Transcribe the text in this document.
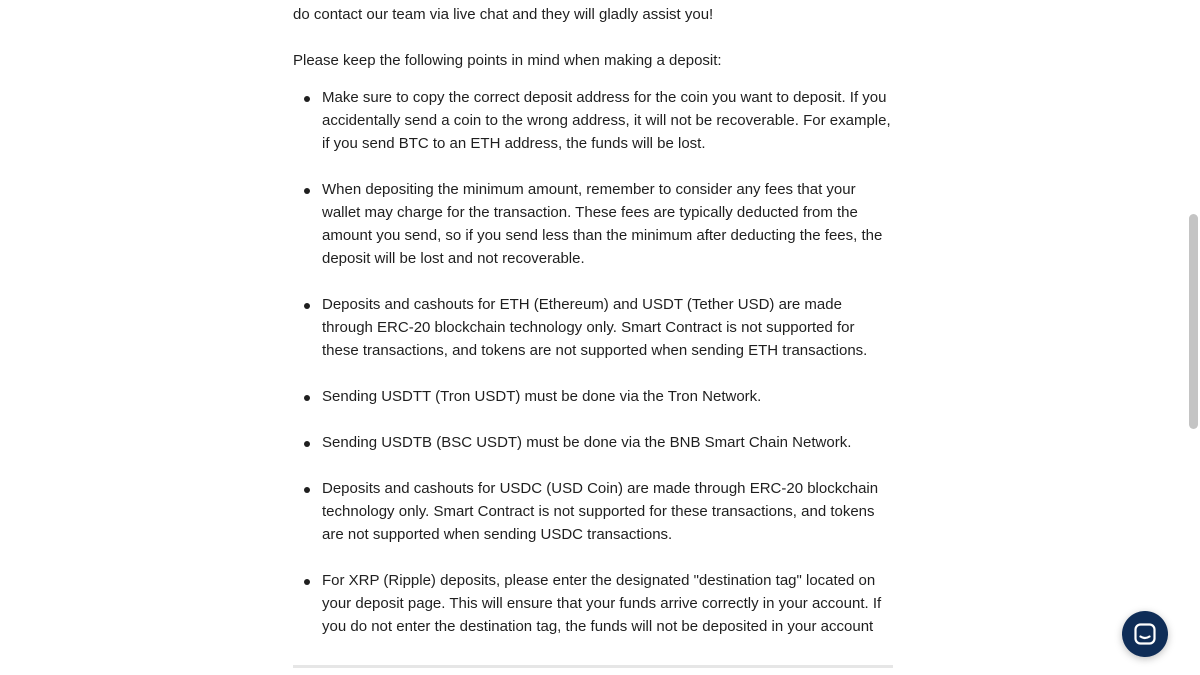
do contact our team via live chat and they will gladly assist you!
Please keep the following points in mind when making a deposit:
Make sure to copy the correct deposit address for the coin you want to deposit. If you accidentally send a coin to the wrong address, it will not be recoverable. For example, if you send BTC to an ETH address, the funds will be lost.
When depositing the minimum amount, remember to consider any fees that your wallet may charge for the transaction. These fees are typically deducted from the amount you send, so if you send less than the minimum after deducting the fees, the deposit will be lost and not recoverable.
Deposits and cashouts for ETH (Ethereum) and USDT (Tether USD) are made through ERC-20 blockchain technology only. Smart Contract is not supported for these transactions, and tokens are not supported when sending ETH transactions.
Sending USDTT (Tron USDT) must be done via the Tron Network.
Sending USDTB (BSC USDT) must be done via the BNB Smart Chain Network.
Deposits and cashouts for USDC (USD Coin) are made through ERC-20 blockchain technology only. Smart Contract is not supported for these transactions, and tokens are not supported when sending USDC transactions.
For XRP (Ripple) deposits, please enter the designated "destination tag" located on your deposit page. This will ensure that your funds arrive correctly in your account. If you do not enter the destination tag, the funds will not be deposited in your account
